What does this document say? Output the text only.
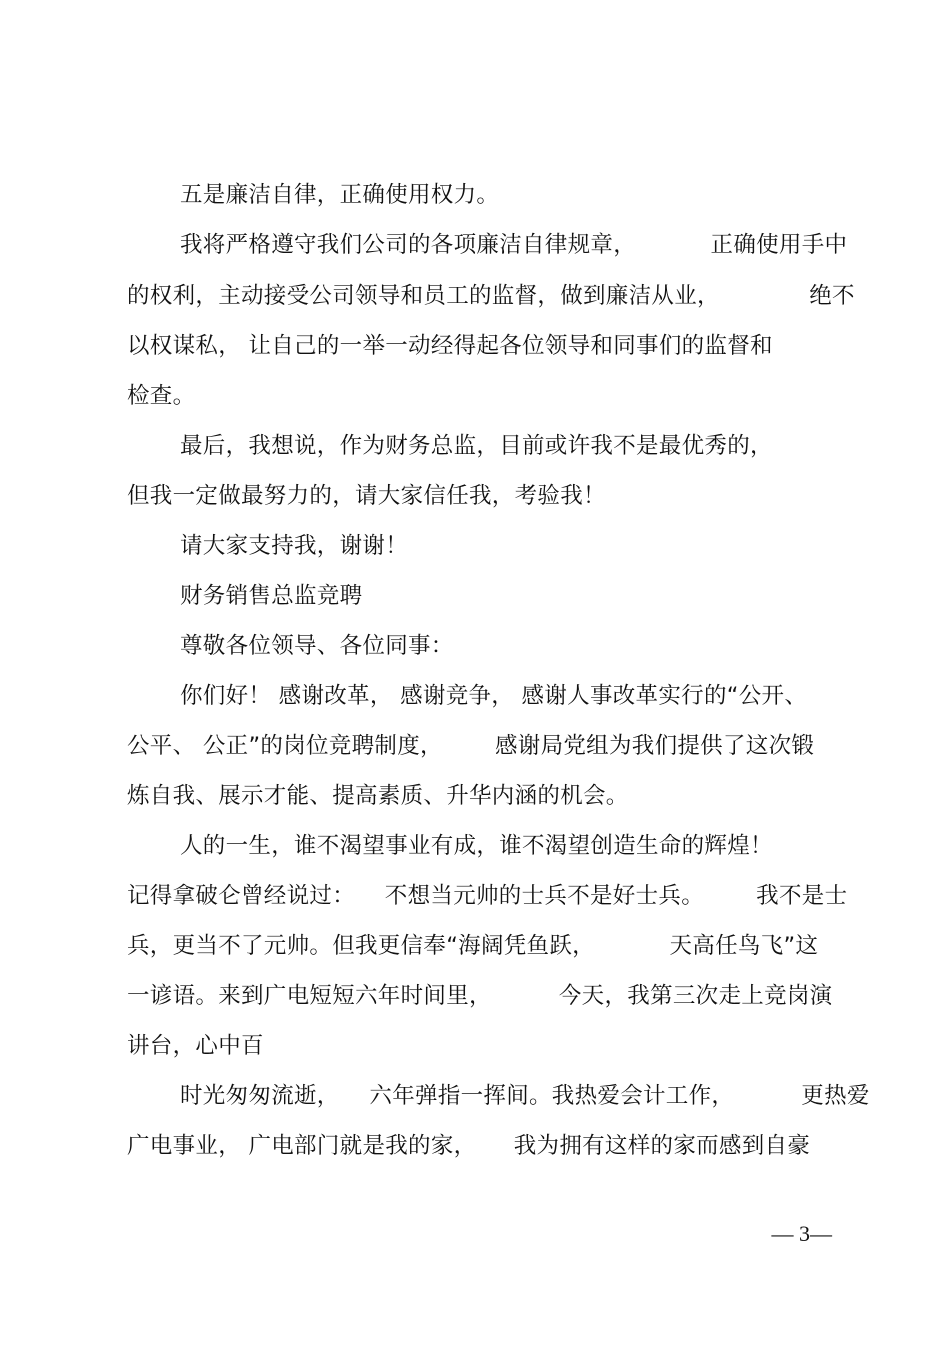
五是廉洁自律，正确使用权力。
我将严格遵守我们公司的各项廉洁自律规章，          正确使用手中
的权利，主动接受公司领导和员工的监督，做到廉洁从业，            绝不
以权谋私， 让自己的一举一动经得起各位领导和同事们的监督和
检查。
最后，我想说，作为财务总监，目前或许我不是最优秀的，
但我一定做最努力的，请大家信任我，考验我！
请大家支持我，谢谢！
财务销售总监竞聘
尊敬各位领导、各位同事：
你们好！ 感谢改革， 感谢竞争， 感谢人事改革实行的“公开、
公平、 公正”的岗位竞聘制度，       感谢局党组为我们提供了这次锻
炼自我、展示才能、提高素质、升华内涵的机会。
人的一生，谁不渴望事业有成，谁不渴望创造生命的辉煌！
记得拿破仑曾经说过：    不想当元帅的士兵不是好士兵。       我不是士
兵，更当不了元帅。但我更信奉“海阔凭鱼跃，          天高任鸟飞”这
一谚语。来到广电短短六年时间里，         今天，我第三次走上竞岗演
讲台，心中百
时光匆匆流逝，    六年弹指一挥间。我热爱会计工作，         更热爱
广电事业， 广电部门就是我的家，     我为拥有这样的家而感到自豪
— 3—
